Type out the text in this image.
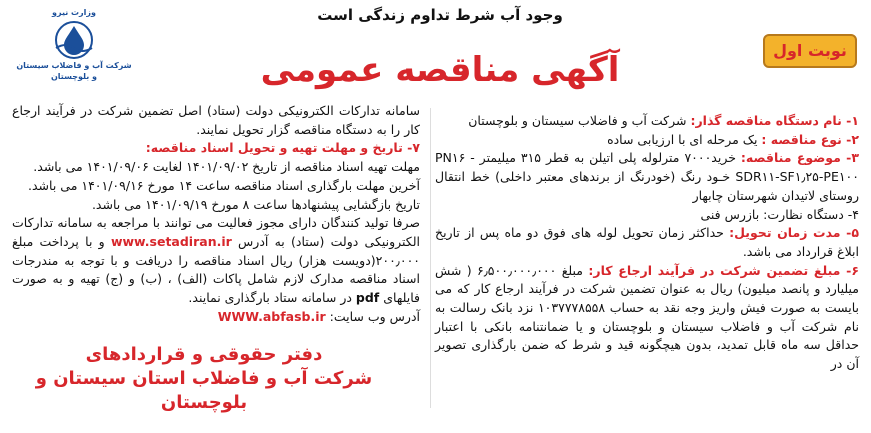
وجود آب شرط تداوم زندگی است
آگهی مناقصه عمومی	نوبت اول
وزارت نیرو
شرکت آب و فاضلاب سیستان و بلوچستان

۱- نام دستگاه مناقصه گذار: شرکت آب و فاضلاب سیستان و بلوچستان

۲- نوع مناقصه : یک مرحله ای با ارزیابی ساده

۳- موضوع مناقصه: خرید۷۰۰۰ مترلوله پلی اتیلن به قطر ۳۱۵ میلیمتر PN۱۶ -SDR۱۱-SF۱٫۲۵-PE۱۰۰ خـود رنگ (خودرنگ از برندهای معتبر داخلی) خط انتقال روستای لاتیدان شهرستان چابهار

۴- دستگاه نظارت: بازرس فنی

۵- مدت زمان تحویل: حداکثر زمان تحویل لوله های فوق دو ماه پس از تاریخ ابلاغ قرارداد می باشد.

۶- مبلغ تضمین شرکت در فرآیند ارجاع کار: مبلغ ۶٫۵۰۰٫۰۰۰٫۰۰۰ ( شش میلیارد و پانصد میلیون) ریال به عنوان تضمین شرکت در فرآیند ارجاع کار که می بایست به صورت فیش واریز وجه نقد به حساب ۱۰۳۷۷۷۸۵۵۸ نزد بانک رسالت به نام شرکت آب و فاضلاب سیستان و بلوچستان و یا ضمانتنامه بانکی با اعتبار حداقل سه ماه قابل تمدید، بدون هیچگونه قید و شرط که ضمن بارگذاری تصویر آن در

سامانه تدارکات الکترونیکی دولت (ستاد) اصل تضمین شرکت در فرآیند ارجاع کار را به دستگاه مناقصه گزار تحویل نمایند.

۷- تاریخ و مهلت تهیه و تحویل اسناد مناقصه:

مهلت تهیه اسناد مناقصه از تاریخ ۱۴۰۱/۰۹/۰۲ لغایت ۱۴۰۱/۰۹/۰۶ می باشد.

آخرین مهلت بارگذاری اسناد مناقصه ساعت ۱۴ مورخ ۱۴۰۱/۰۹/۱۶ می باشد.

تاریخ بازگشایی پیشنهادها ساعت ۸ مورخ ۱۴۰۱/۰۹/۱۹ می باشد.

صرفا تولید کنندگان دارای مجوز فعالیت می توانند با مراجعه به سامانه تدارکات الکترونیکی دولت (ستاد) به آدرس www.setadiran.ir و با پرداخت مبلغ ۲۰۰٫۰۰۰(دویست هزار) ریال اسناد مناقصه را دریافت و با توجه به مندرجات اسناد مناقصه مدارک لازم شامل پاکات (الف) ، (ب) و (ج) تهیه و به صورت فایلهای pdf در سامانه ستاد بارگذاری نمایند.

آدرس وب سایت: WWW.abfasb.ir

دفتر حقوقی و قراردادهای
شرکت آب و فاضلاب استان سیستان و بلوچستان
